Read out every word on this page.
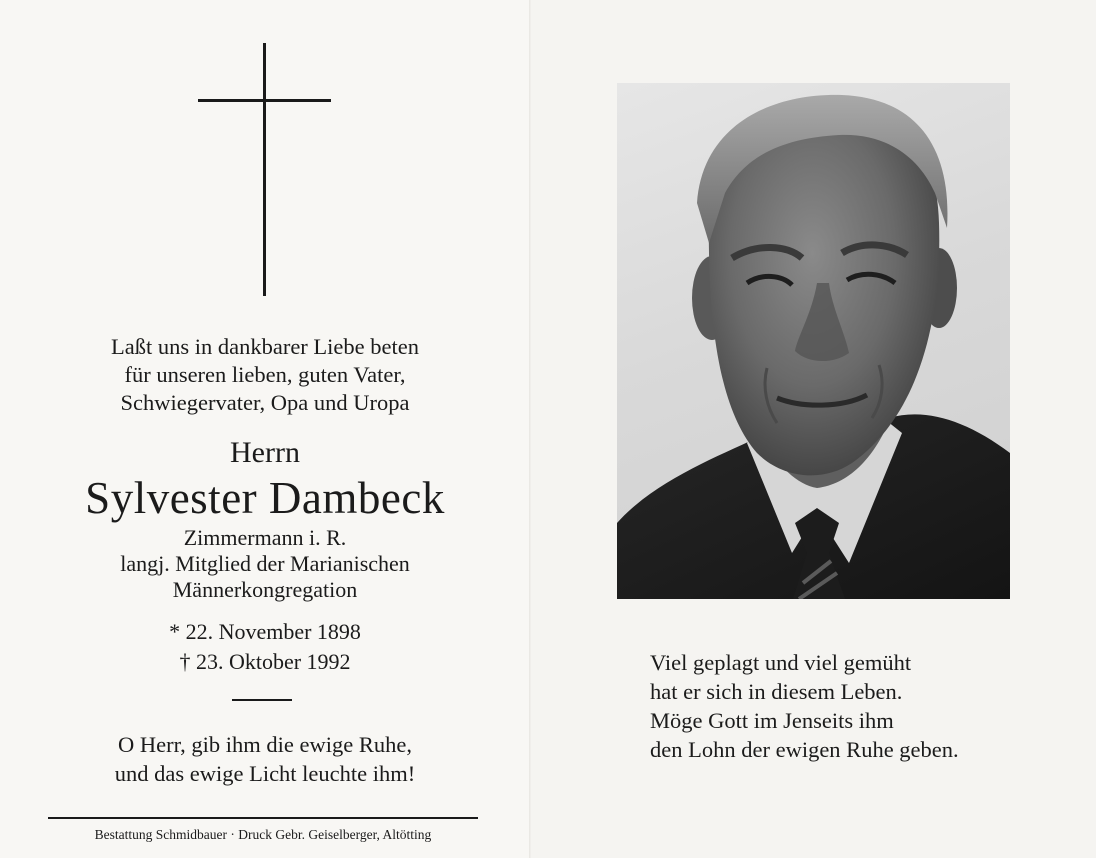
Laßt uns in dankbarer Liebe beten
für unseren lieben, guten Vater,
Schwiegervater, Opa und Uropa
Herrn
Sylvester Dambeck
Zimmermann i. R.
langj. Mitglied der Marianischen
Männerkongregation
* 22. November 1898
† 23. Oktober 1992
O Herr, gib ihm die ewige Ruhe,
und das ewige Licht leuchte ihm!
Bestattung Schmidbauer · Druck Gebr. Geiselberger, Altötting
Viel geplagt und viel gemüht
hat er sich in diesem Leben.
Möge Gott im Jenseits ihm
den Lohn der ewigen Ruhe geben.
